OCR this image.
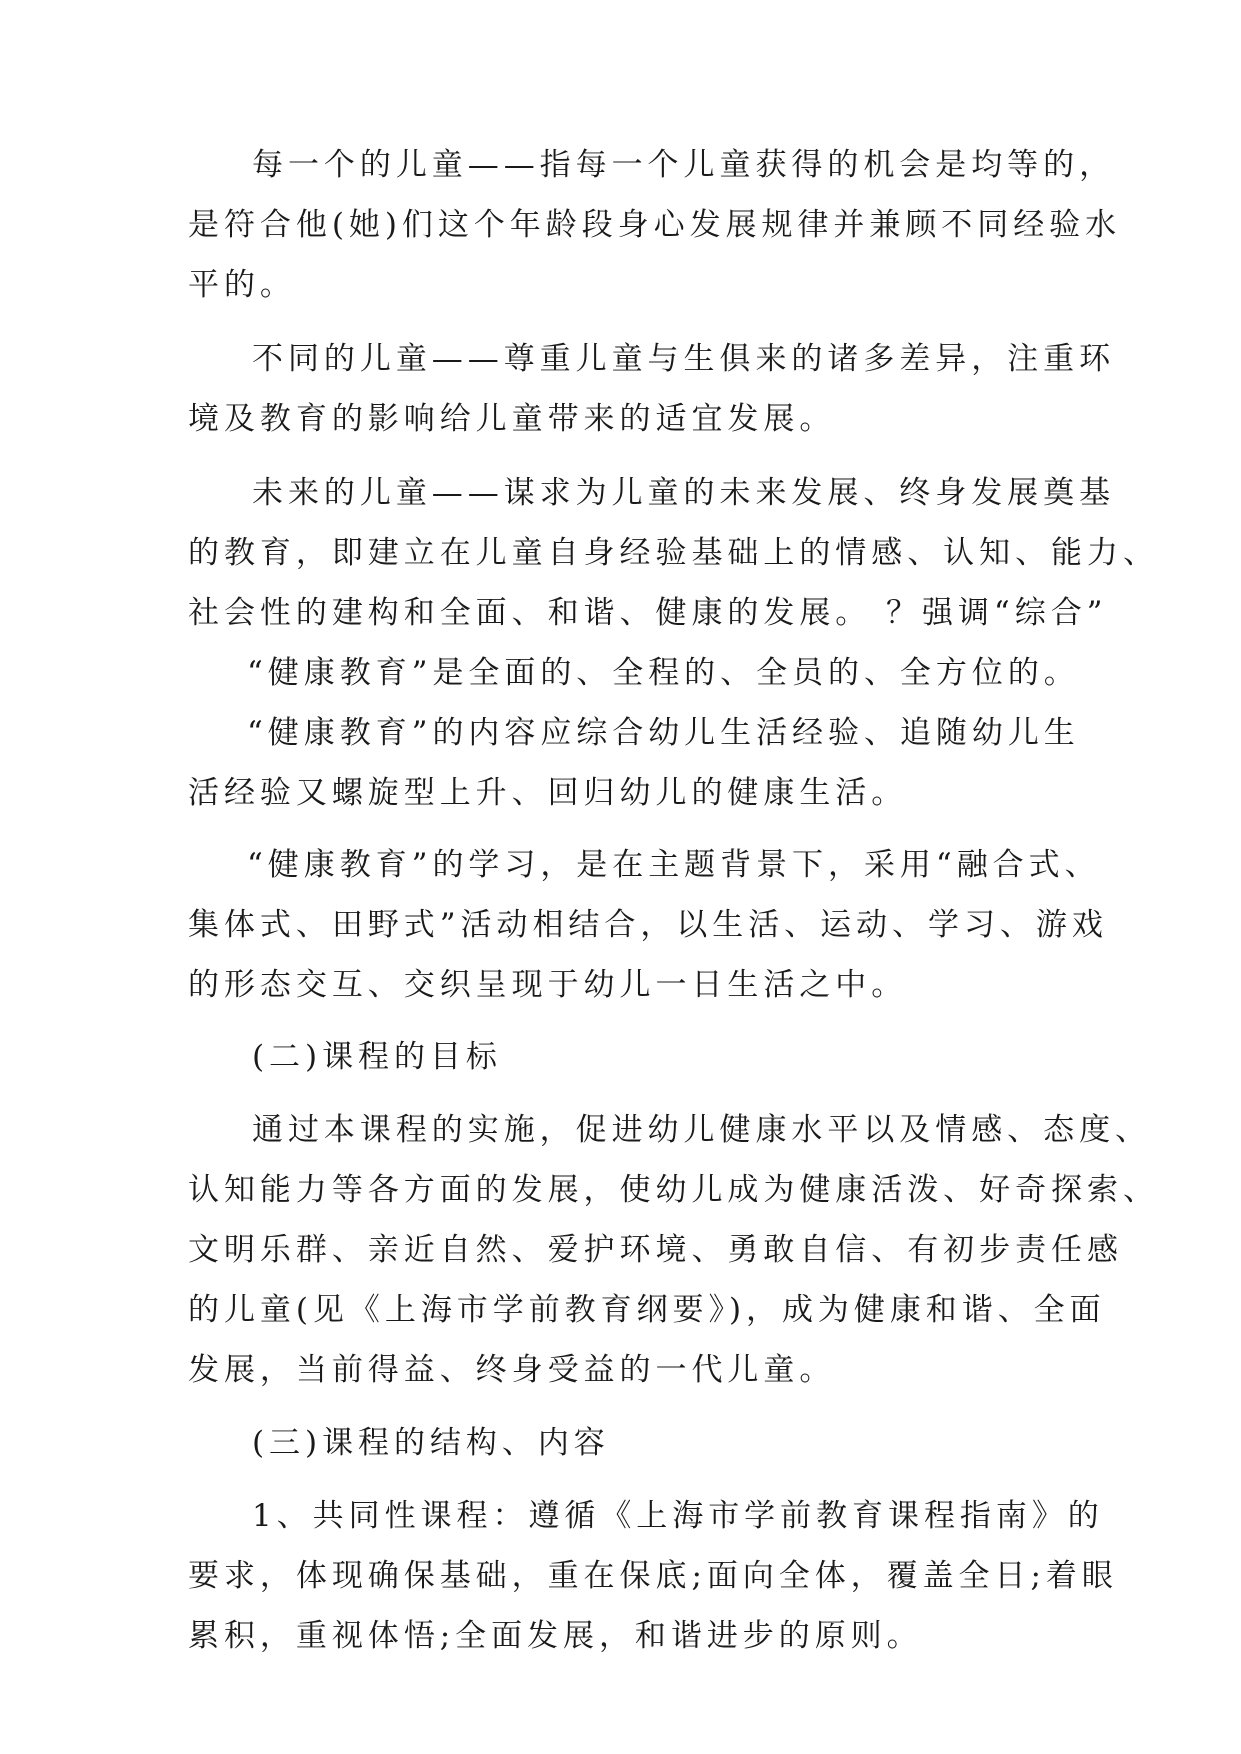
每一个的儿童——指每一个儿童获得的机会是均等的，
是符合他(她)们这个年龄段身心发展规律并兼顾不同经验水
平的。
不同的儿童——尊重儿童与生俱来的诸多差异，注重环
境及教育的影响给儿童带来的适宜发展。
未来的儿童——谋求为儿童的未来发展、终身发展奠基
的教育，即建立在儿童自身经验基础上的情感、认知、能力、
社会性的建构和全面、和谐、健康的发展。 ？强调“综合”
“健康教育”是全面的、全程的、全员的、全方位的。
“健康教育”的内容应综合幼儿生活经验、追随幼儿生
活经验又螺旋型上升、回归幼儿的健康生活。
“健康教育”的学习，是在主题背景下，采用“融合式、
集体式、田野式”活动相结合，以生活、运动、学习、游戏
的形态交互、交织呈现于幼儿一日生活之中。
(二)课程的目标
通过本课程的实施，促进幼儿健康水平以及情感、态度、
认知能力等各方面的发展，使幼儿成为健康活泼、好奇探索、
文明乐群、亲近自然、爱护环境、勇敢自信、有初步责任感
的儿童(见《上海市学前教育纲要》)，成为健康和谐、全面
发展，当前得益、终身受益的一代儿童。
(三)课程的结构、内容
1、共同性课程：遵循《上海市学前教育课程指南》的
要求，体现确保基础，重在保底;面向全体，覆盖全日;着眼
累积，重视体悟;全面发展，和谐进步的原则。
